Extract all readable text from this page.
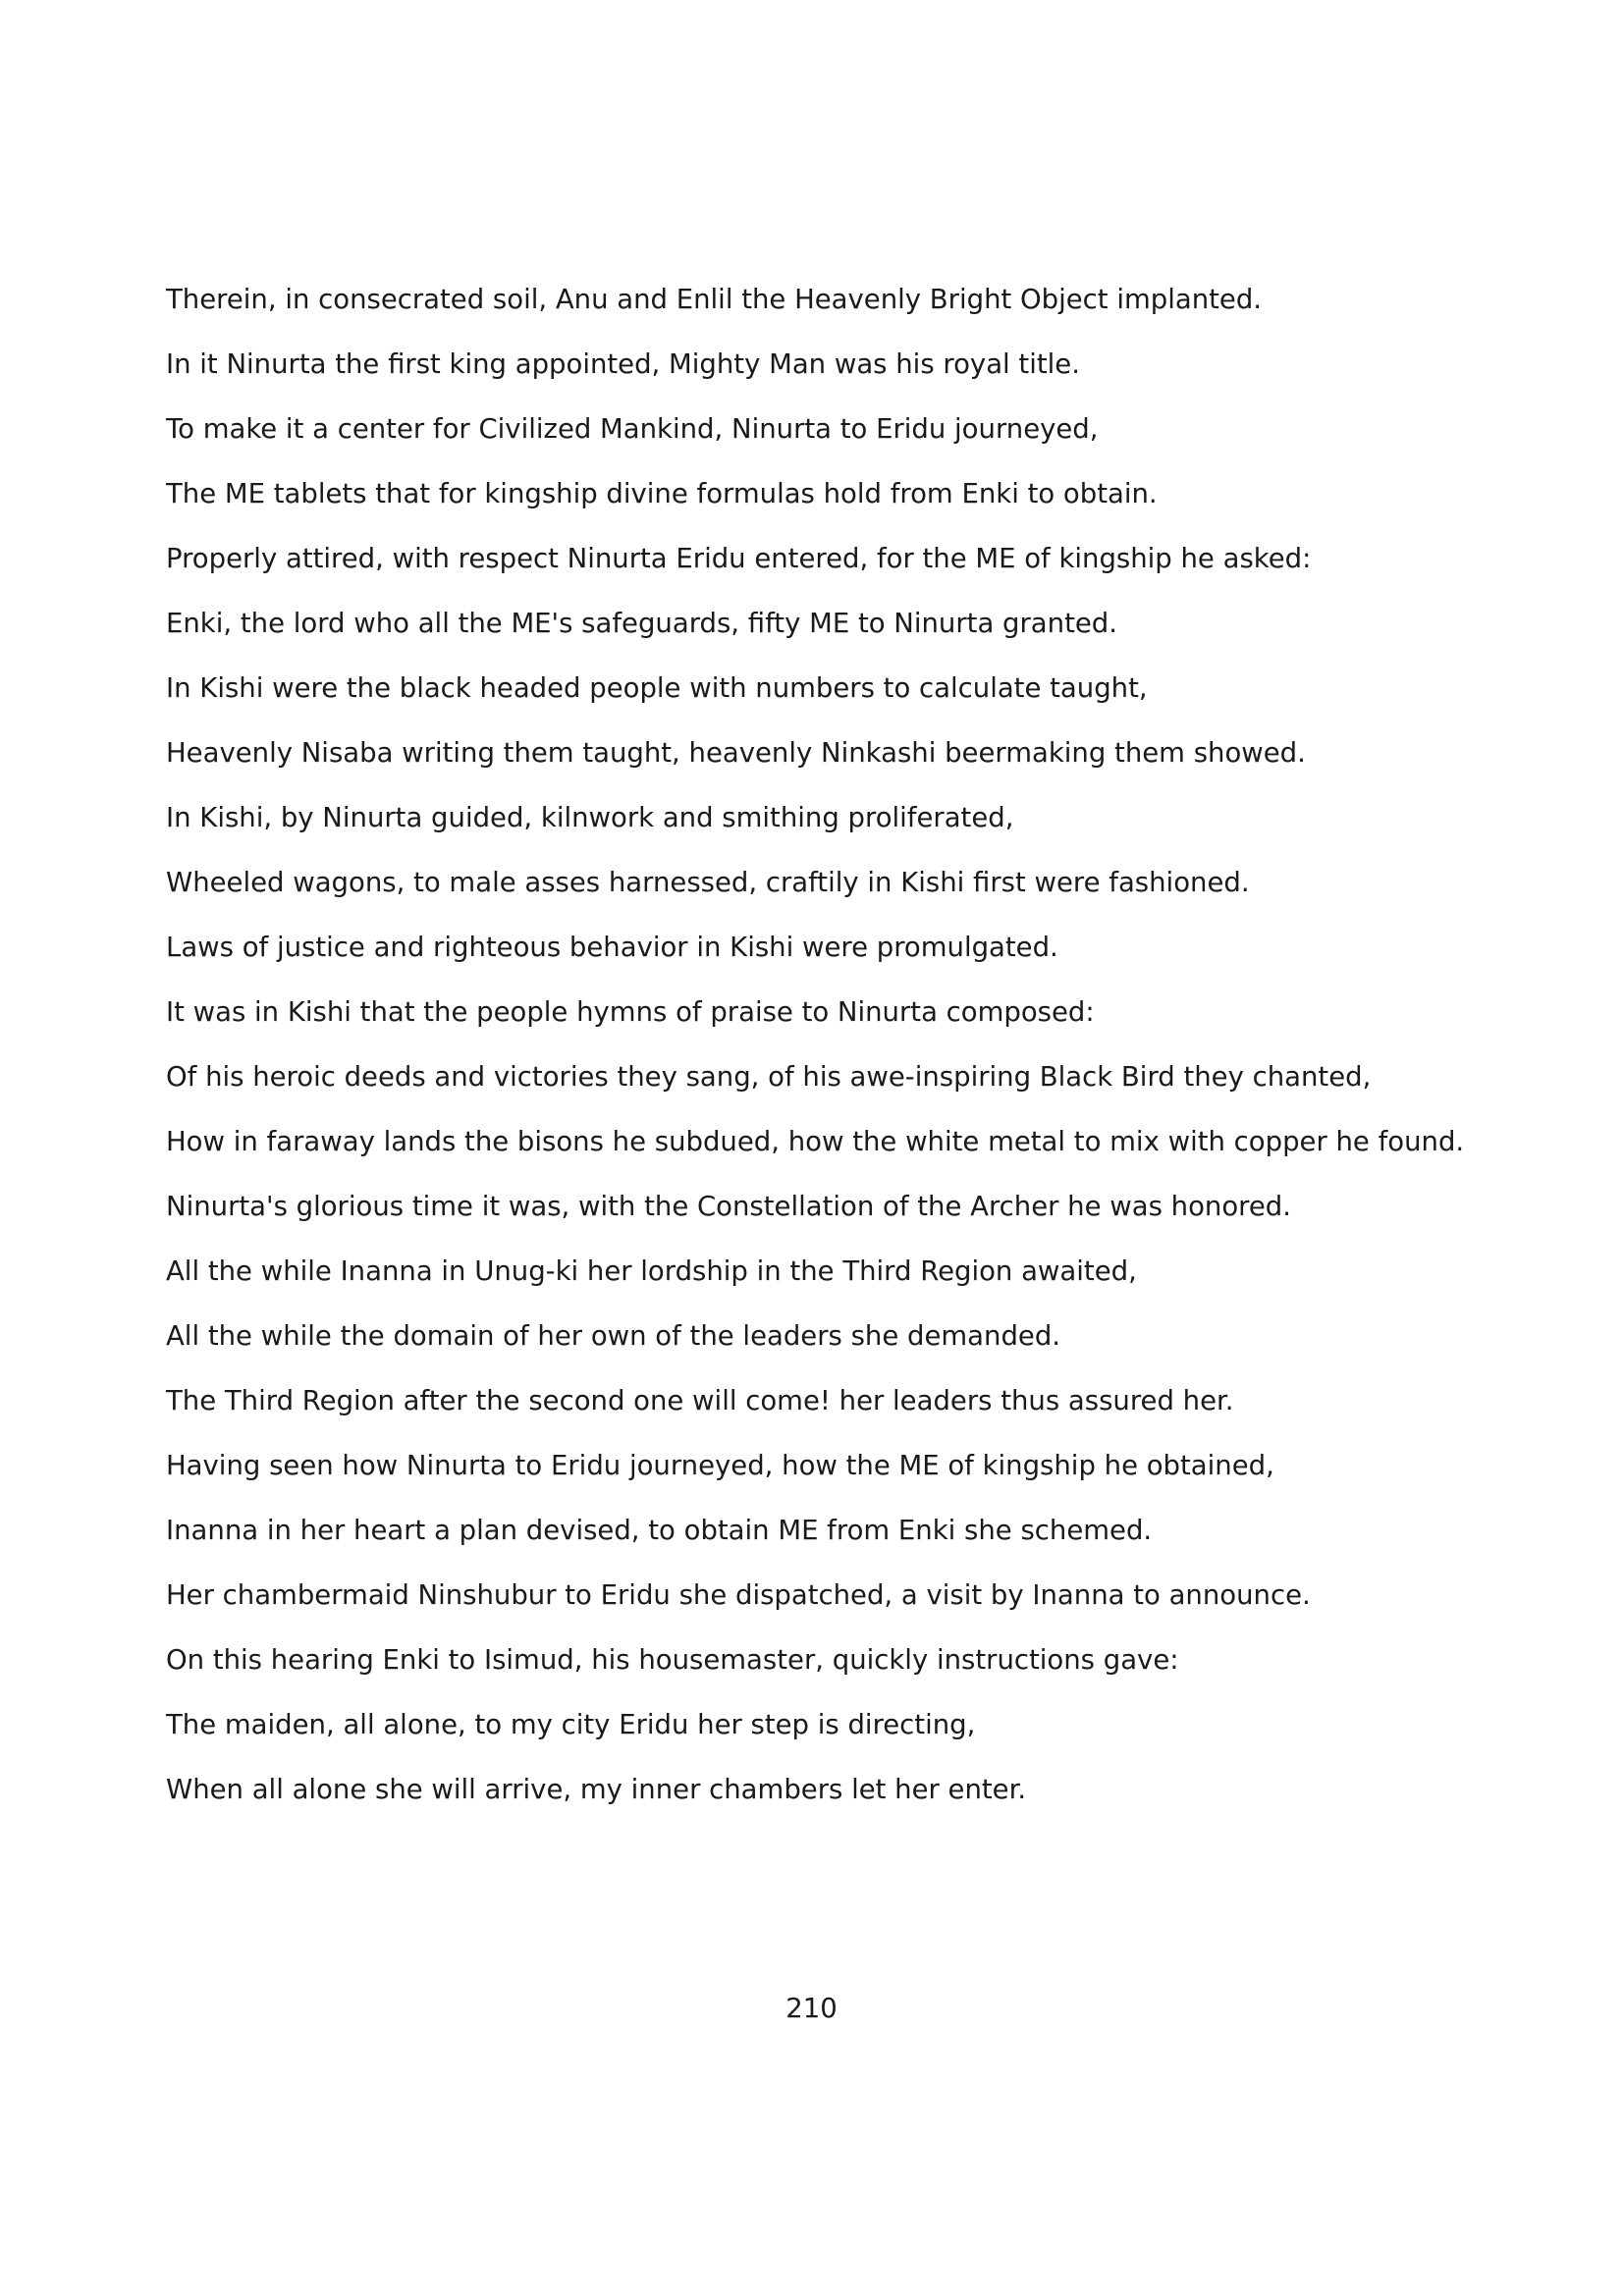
Therein, in consecrated soil, Anu and Enlil the Heavenly Bright Object implanted.
In it Ninurta the first king appointed, Mighty Man was his royal title.
To make it a center for Civilized Mankind, Ninurta to Eridu journeyed,
The ME tablets that for kingship divine formulas hold from Enki to obtain.
Properly attired, with respect Ninurta Eridu entered, for the ME of kingship he asked:
Enki, the lord who all the ME's safeguards, fifty ME to Ninurta granted.
In Kishi were the black headed people with numbers to calculate taught,
Heavenly Nisaba writing them taught, heavenly Ninkashi beermaking them showed.
In Kishi, by Ninurta guided, kilnwork and smithing proliferated,
Wheeled wagons, to male asses harnessed, craftily in Kishi first were fashioned.
Laws of justice and righteous behavior in Kishi were promulgated.
It was in Kishi that the people hymns of praise to Ninurta composed:
Of his heroic deeds and victories they sang, of his awe-inspiring Black Bird they chanted,
How in faraway lands the bisons he subdued, how the white metal to mix with copper he found.
Ninurta's glorious time it was, with the Constellation of the Archer he was honored.
All the while Inanna in Unug-ki her lordship in the Third Region awaited,
All the while the domain of her own of the leaders she demanded.
The Third Region after the second one will come! her leaders thus assured her.
Having seen how Ninurta to Eridu journeyed, how the ME of kingship he obtained,
Inanna in her heart a plan devised, to obtain ME from Enki she schemed.
Her chambermaid Ninshubur to Eridu she dispatched, a visit by Inanna to announce.
On this hearing Enki to Isimud, his housemaster, quickly instructions gave:
The maiden, all alone, to my city Eridu her step is directing,
When all alone she will arrive, my inner chambers let her enter.
210
